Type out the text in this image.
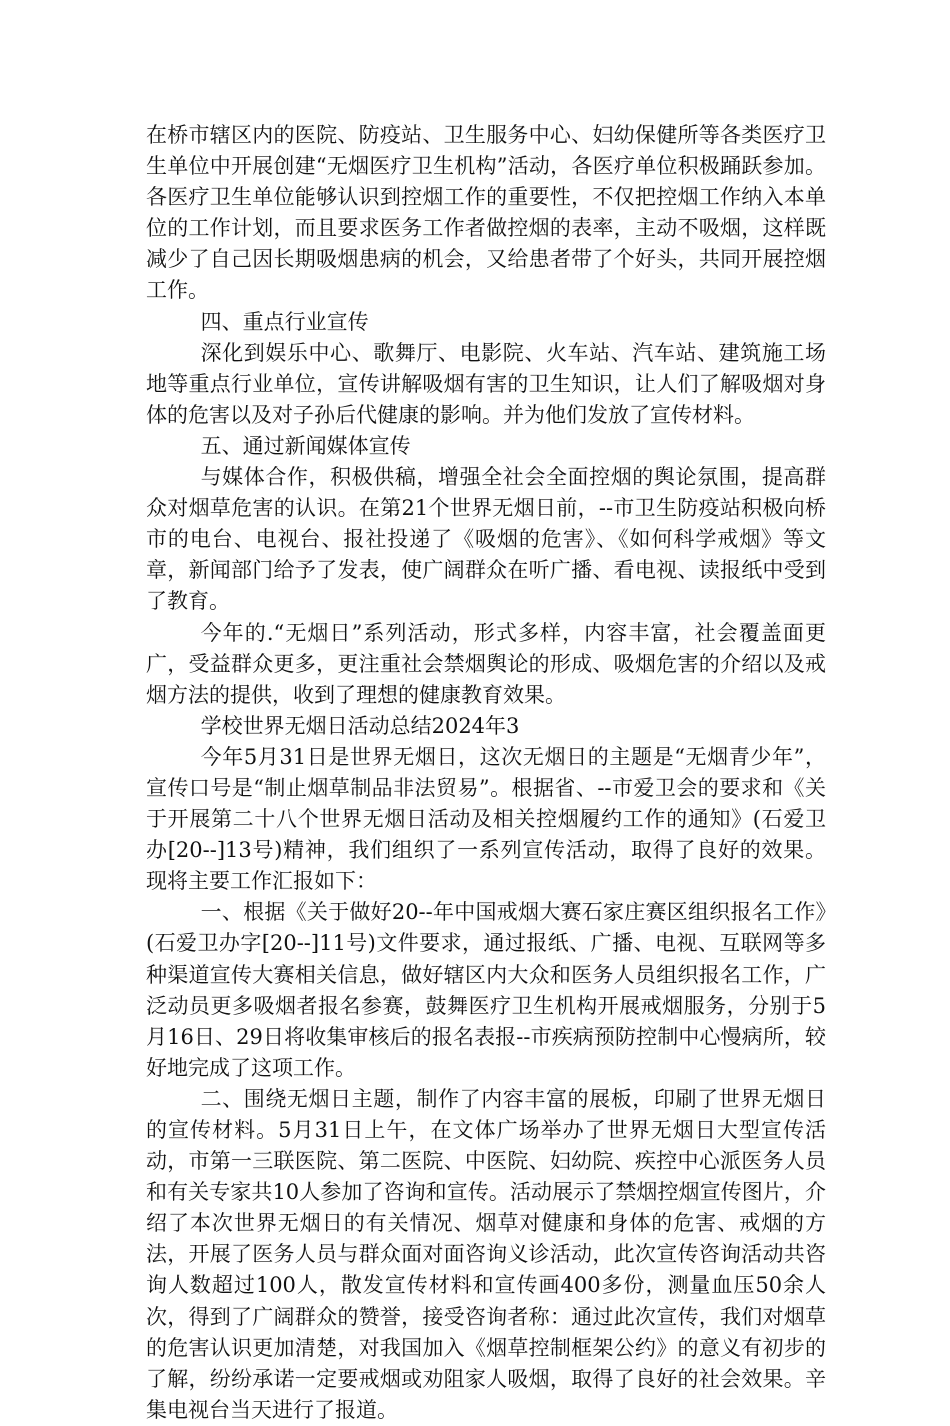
在桥市辖区内的医院、防疫站、卫生服务中心、妇幼保健所等各类医疗卫生单位中开展创建“无烟医疗卫生机构”活动，各医疗单位积极踊跃参加。各医疗卫生单位能够认识到控烟工作的重要性，不仅把控烟工作纳入本单位的工作计划，而且要求医务工作者做控烟的表率，主动不吸烟，这样既减少了自己因长期吸烟患病的机会，又给患者带了个好头，共同开展控烟工作。

四、重点行业宣传

深化到娱乐中心、歌舞厅、电影院、火车站、汽车站、建筑施工场地等重点行业单位，宣传讲解吸烟有害的卫生知识，让人们了解吸烟对身体的危害以及对子孙后代健康的影响。并为他们发放了宣传材料。

五、通过新闻媒体宣传

与媒体合作，积极供稿，增强全社会全面控烟的舆论氛围，提高群众对烟草危害的认识。在第21个世界无烟日前，--市卫生防疫站积极向桥市的电台、电视台、报社投递了《吸烟的危害》、《如何科学戒烟》等文章，新闻部门给予了发表，使广阔群众在听广播、看电视、读报纸中受到了教育。

今年的.“无烟日”系列活动，形式多样，内容丰富，社会覆盖面更广，受益群众更多，更注重社会禁烟舆论的形成、吸烟危害的介绍以及戒烟方法的提供，收到了理想的健康教育效果。

学校世界无烟日活动总结2024年3

今年5月31日是世界无烟日，这次无烟日的主题是“无烟青少年”，宣传口号是“制止烟草制品非法贸易”。根据省、--市爱卫会的要求和《关于开展第二十八个世界无烟日活动及相关控烟履约工作的通知》(石爱卫办[20--]13号)精神，我们组织了一系列宣传活动，取得了良好的效果。现将主要工作汇报如下：

一、根据《关于做好20--年中国戒烟大赛石家庄赛区组织报名工作》(石爱卫办字[20--]11号)文件要求，通过报纸、广播、电视、互联网等多种渠道宣传大赛相关信息，做好辖区内大众和医务人员组织报名工作，广泛动员更多吸烟者报名参赛，鼓舞医疗卫生机构开展戒烟服务，分别于5月16日、29日将收集审核后的报名表报--市疾病预防控制中心慢病所，较好地完成了这项工作。

二、围绕无烟日主题，制作了内容丰富的展板，印刷了世界无烟日的宣传材料。5月31日上午，在文体广场举办了世界无烟日大型宣传活动，市第一三联医院、第二医院、中医院、妇幼院、疾控中心派医务人员和有关专家共10人参加了咨询和宣传。活动展示了禁烟控烟宣传图片，介绍了本次世界无烟日的有关情况、烟草对健康和身体的危害、戒烟的方法，开展了医务人员与群众面对面咨询义诊活动，此次宣传咨询活动共咨询人数超过100人，散发宣传材料和宣传画400多份，测量血压50余人次，得到了广阔群众的赞誉，接受咨询者称：通过此次宣传，我们对烟草的危害认识更加清楚，对我国加入《烟草控制框架公约》的意义有初步的了解，纷纷承诺一定要戒烟或劝阻家人吸烟，取得了良好的社会效果。辛集电视台当天进行了报道。
